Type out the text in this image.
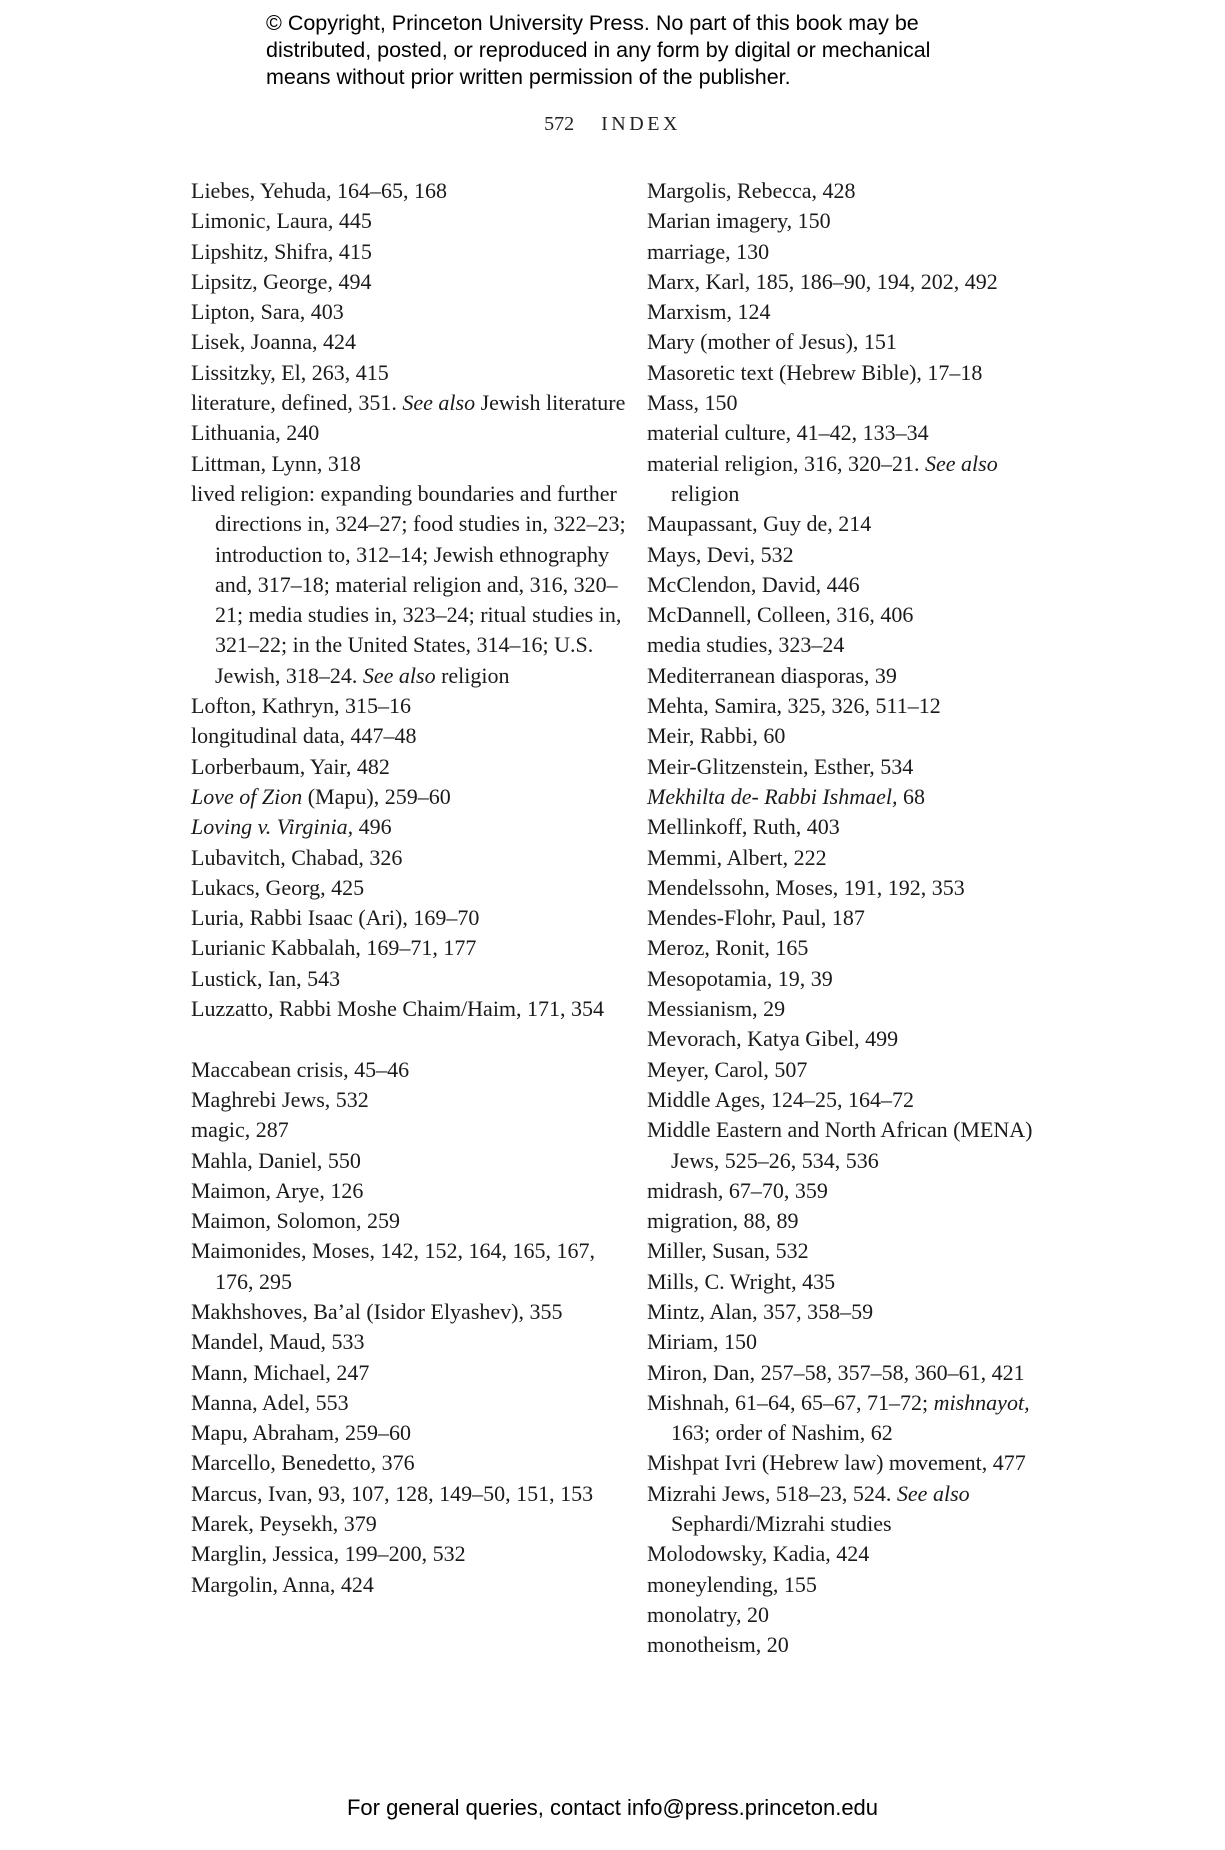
© Copyright, Princeton University Press. No part of this book may be distributed, posted, or reproduced in any form by digital or mechanical means without prior written permission of the publisher.
572 INDEX
Liebes, Yehuda, 164–65, 168
Limonic, Laura, 445
Lipshitz, Shifra, 415
Lipsitz, George, 494
Lipton, Sara, 403
Lisek, Joanna, 424
Lissitzky, El, 263, 415
literature, defined, 351. See also Jewish literature
Lithuania, 240
Littman, Lynn, 318
lived religion: expanding boundaries and further directions in, 324–27; food studies in, 322–23; introduction to, 312–14; Jewish ethnography and, 317–18; material religion and, 316, 320–21; media studies in, 323–24; ritual studies in, 321–22; in the United States, 314–16; U.S. Jewish, 318–24. See also religion
Lofton, Kathryn, 315–16
longitudinal data, 447–48
Lorberbaum, Yair, 482
Love of Zion (Mapu), 259–60
Loving v. Virginia, 496
Lubavitch, Chabad, 326
Lukacs, Georg, 425
Luria, Rabbi Isaac (Ari), 169–70
Lurianic Kabbalah, 169–71, 177
Lustick, Ian, 543
Luzzatto, Rabbi Moshe Chaim/Haim, 171, 354
Maccabean crisis, 45–46
Maghrebi Jews, 532
magic, 287
Mahla, Daniel, 550
Maimon, Arye, 126
Maimon, Solomon, 259
Maimonides, Moses, 142, 152, 164, 165, 167, 176, 295
Makhshoves, Ba’al (Isidor Elyashev), 355
Mandel, Maud, 533
Mann, Michael, 247
Manna, Adel, 553
Mapu, Abraham, 259–60
Marcello, Benedetto, 376
Marcus, Ivan, 93, 107, 128, 149–50, 151, 153
Marek, Peysekh, 379
Marglin, Jessica, 199–200, 532
Margolin, Anna, 424
Margolis, Rebecca, 428
Marian imagery, 150
marriage, 130
Marx, Karl, 185, 186–90, 194, 202, 492
Marxism, 124
Mary (mother of Jesus), 151
Masoretic text (Hebrew Bible), 17–18
Mass, 150
material culture, 41–42, 133–34
material religion, 316, 320–21. See also religion
Maupassant, Guy de, 214
Mays, Devi, 532
McClendon, David, 446
McDannell, Colleen, 316, 406
media studies, 323–24
Mediterranean diasporas, 39
Mehta, Samira, 325, 326, 511–12
Meir, Rabbi, 60
Meir-Glitzenstein, Esther, 534
Mekhilta de- Rabbi Ishmael, 68
Mellinkoff, Ruth, 403
Memmi, Albert, 222
Mendelssohn, Moses, 191, 192, 353
Mendes-Flohr, Paul, 187
Meroz, Ronit, 165
Mesopotamia, 19, 39
Messianism, 29
Mevorach, Katya Gibel, 499
Meyer, Carol, 507
Middle Ages, 124–25, 164–72
Middle Eastern and North African (MENA) Jews, 525–26, 534, 536
midrash, 67–70, 359
migration, 88, 89
Miller, Susan, 532
Mills, C. Wright, 435
Mintz, Alan, 357, 358–59
Miriam, 150
Miron, Dan, 257–58, 357–58, 360–61, 421
Mishnah, 61–64, 65–67, 71–72; mishnayot, 163; order of Nashim, 62
Mishpat Ivri (Hebrew law) movement, 477
Mizrahi Jews, 518–23, 524. See also Sephardi/Mizrahi studies
Molodowsky, Kadia, 424
moneylending, 155
monolatry, 20
monotheism, 20
For general queries, contact info@press.princeton.edu
